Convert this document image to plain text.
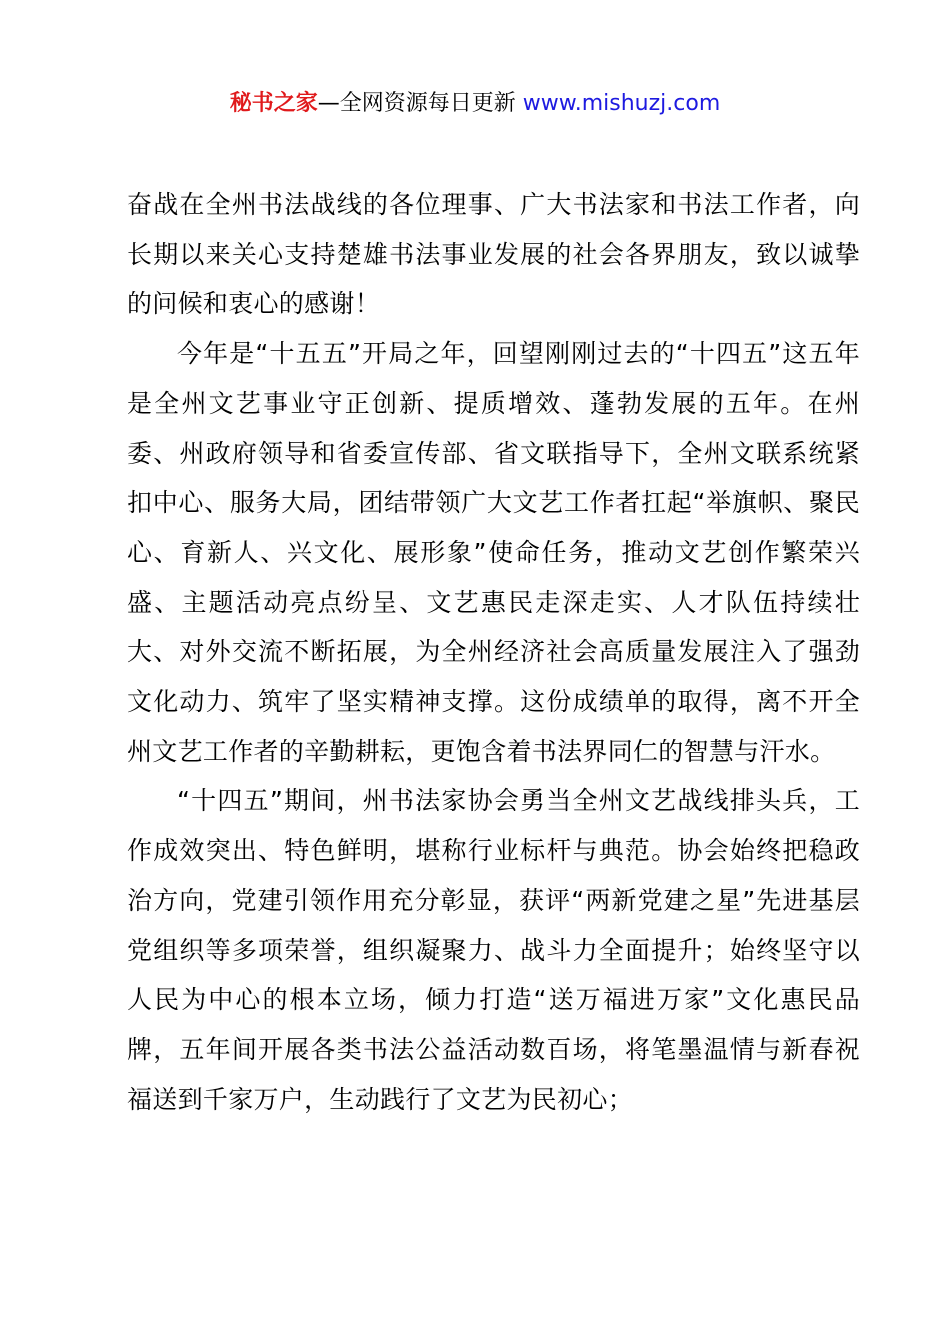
秘书之家—全网资源每日更新 www.mishuzj.com

奋战在全州书法战线的各位理事、广大书法家和书法工作者，向长期以来关心支持楚雄书法事业发展的社会各界朋友，致以诚挚的问候和衷心的感谢！

今年是“十五五”开局之年，回望刚刚过去的“十四五”这五年是全州文艺事业守正创新、提质增效、蓬勃发展的五年。在州委、州政府领导和省委宣传部、省文联指导下，全州文联系统紧扣中心、服务大局，团结带领广大文艺工作者扛起“举旗帜、聚民心、育新人、兴文化、展形象”使命任务，推动文艺创作繁荣兴盛、主题活动亮点纷呈、文艺惠民走深走实、人才队伍持续壮大、对外交流不断拓展，为全州经济社会高质量发展注入了强劲文化动力、筑牢了坚实精神支撑。这份成绩单的取得，离不开全州文艺工作者的辛勤耕耘，更饱含着书法界同仁的智慧与汗水。

“十四五”期间，州书法家协会勇当全州文艺战线排头兵，工作成效突出、特色鲜明，堪称行业标杆与典范。协会始终把稳政治方向，党建引领作用充分彰显，获评“两新党建之星”先进基层党组织等多项荣誉，组织凝聚力、战斗力全面提升；始终坚守以人民为中心的根本立场，倾力打造“送万福进万家”文化惠民品牌，五年间开展各类书法公益活动数百场，将笔墨温情与新春祝福送到千家万户，生动践行了文艺为民初心；
